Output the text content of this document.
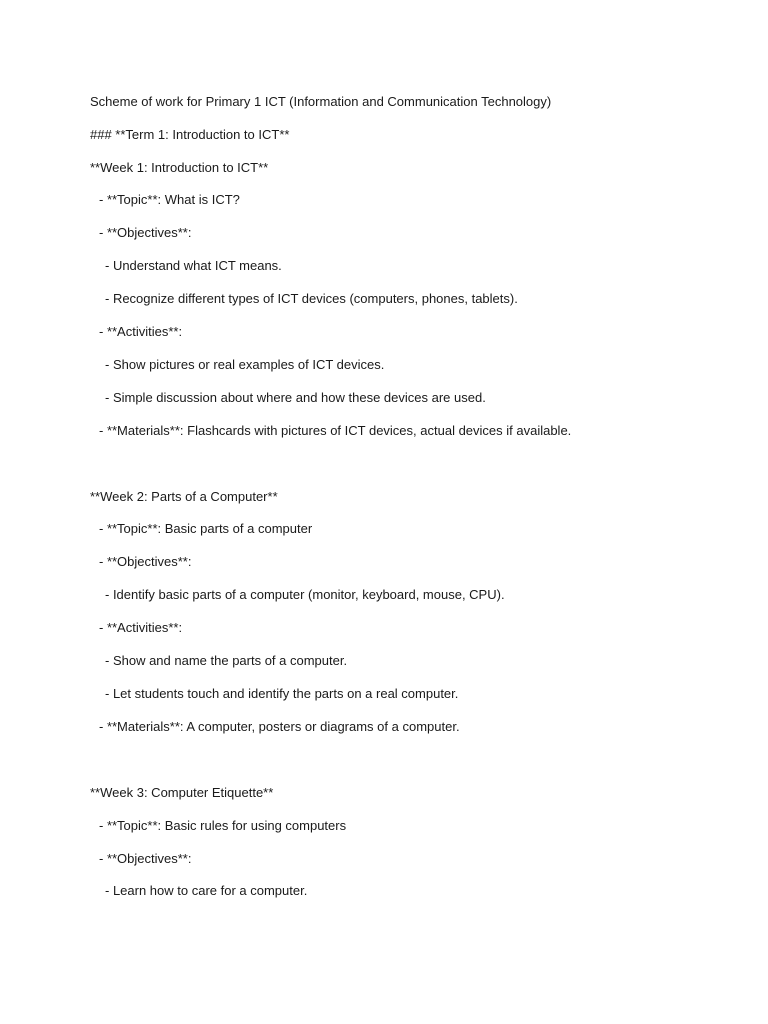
Scheme of work for Primary 1 ICT (Information and Communication Technology)
### **Term 1: Introduction to ICT**
**Week 1: Introduction to ICT**
- **Topic**: What is ICT?
- **Objectives**:
- Understand what ICT means.
- Recognize different types of ICT devices (computers, phones, tablets).
- **Activities**:
- Show pictures or real examples of ICT devices.
- Simple discussion about where and how these devices are used.
- **Materials**: Flashcards with pictures of ICT devices, actual devices if available.
**Week 2: Parts of a Computer**
- **Topic**: Basic parts of a computer
- **Objectives**:
- Identify basic parts of a computer (monitor, keyboard, mouse, CPU).
- **Activities**:
- Show and name the parts of a computer.
- Let students touch and identify the parts on a real computer.
- **Materials**: A computer, posters or diagrams of a computer.
**Week 3: Computer Etiquette**
- **Topic**: Basic rules for using computers
- **Objectives**:
- Learn how to care for a computer.
